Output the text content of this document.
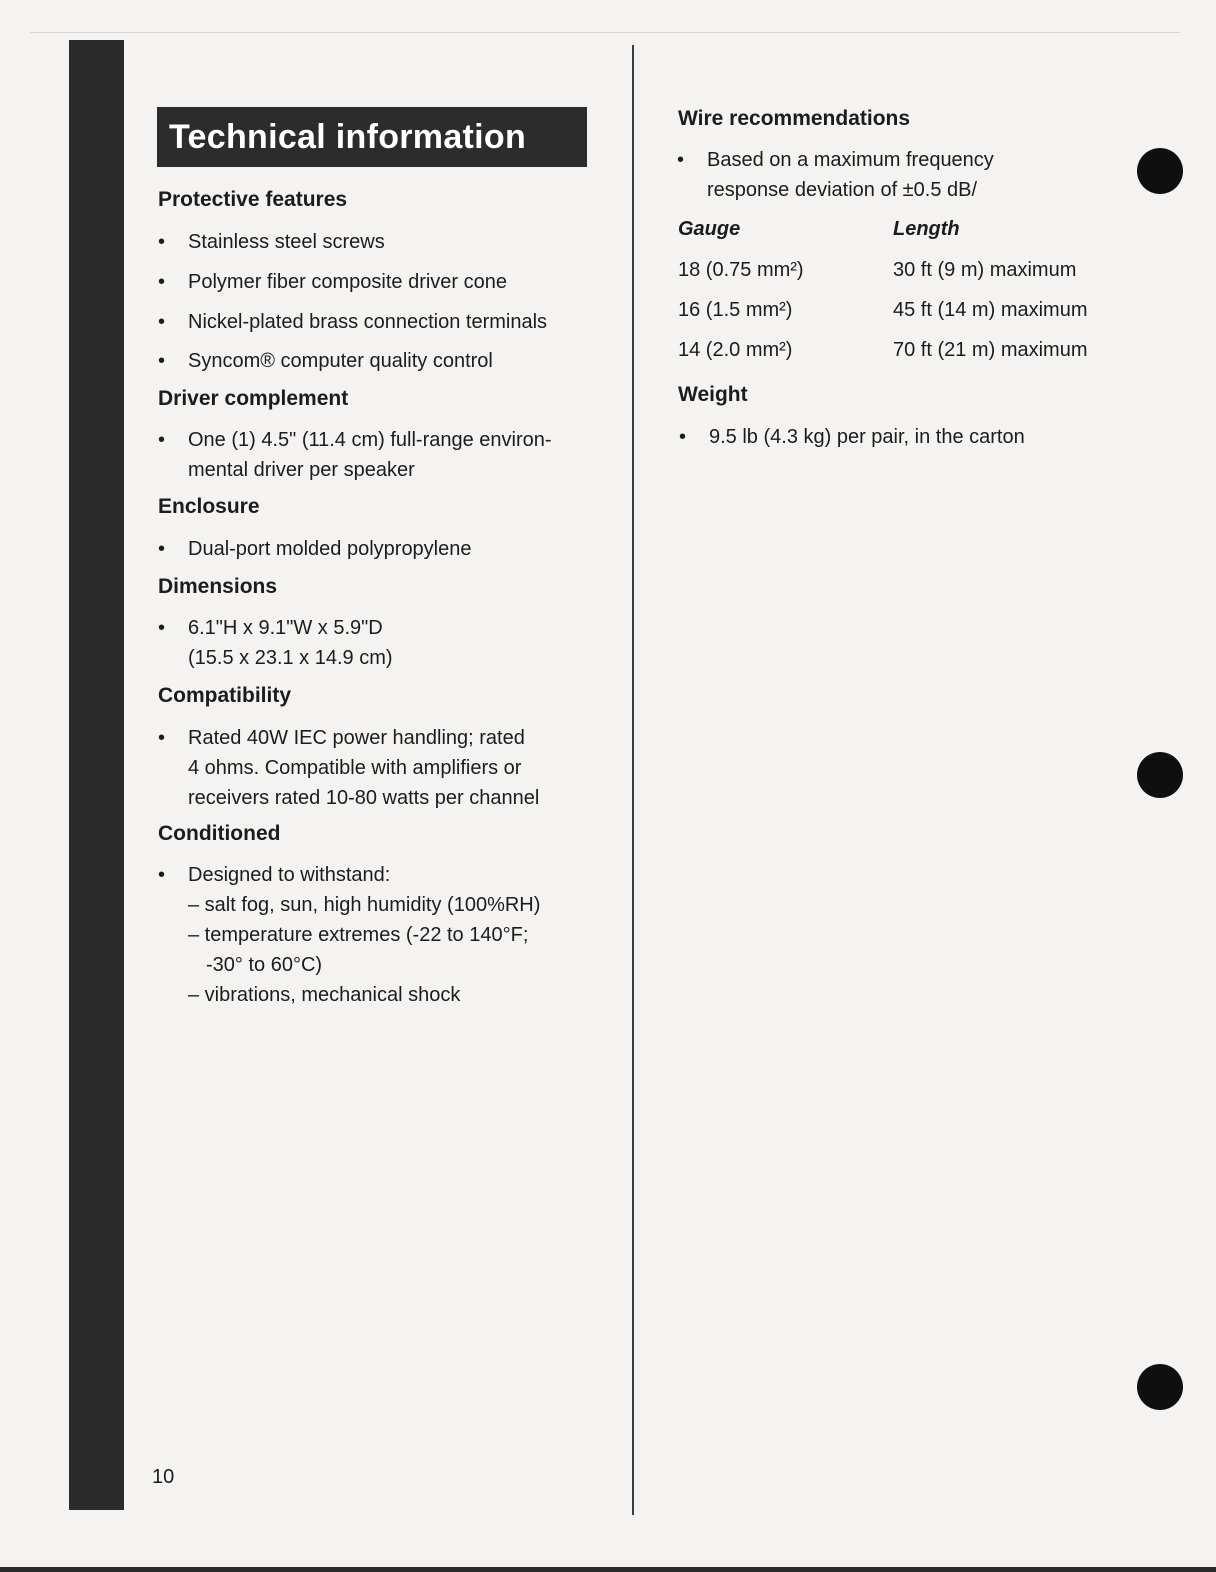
Technical information
Protective features
• Stainless steel screws
• Polymer fiber composite driver cone
• Nickel-plated brass connection terminals
• Syncom® computer quality control
Driver complement
• One (1) 4.5" (11.4 cm) full-range environ-
mental driver per speaker
Enclosure
• Dual-port molded polypropylene
Dimensions
• 6.1"H x 9.1"W x 5.9"D
(15.5 x 23.1 x 14.9 cm)
Compatibility
• Rated 40W IEC power handling; rated
4 ohms. Compatible with amplifiers or
receivers rated 10-80 watts per channel
Conditioned
• Designed to withstand:
– salt fog, sun, high humidity (100%RH)
– temperature extremes (-22 to 140°F;
-30° to 60°C)
– vibrations, mechanical shock
Wire recommendations
• Based on a maximum frequency
response deviation of ±0.5 dB/
Gauge	Length
18 (0.75 mm²)	30 ft (9 m) maximum
16 (1.5 mm²)	45 ft (14 m) maximum
14 (2.0 mm²)	70 ft (21 m) maximum
Weight
• 9.5 lb (4.3 kg) per pair, in the carton
10
